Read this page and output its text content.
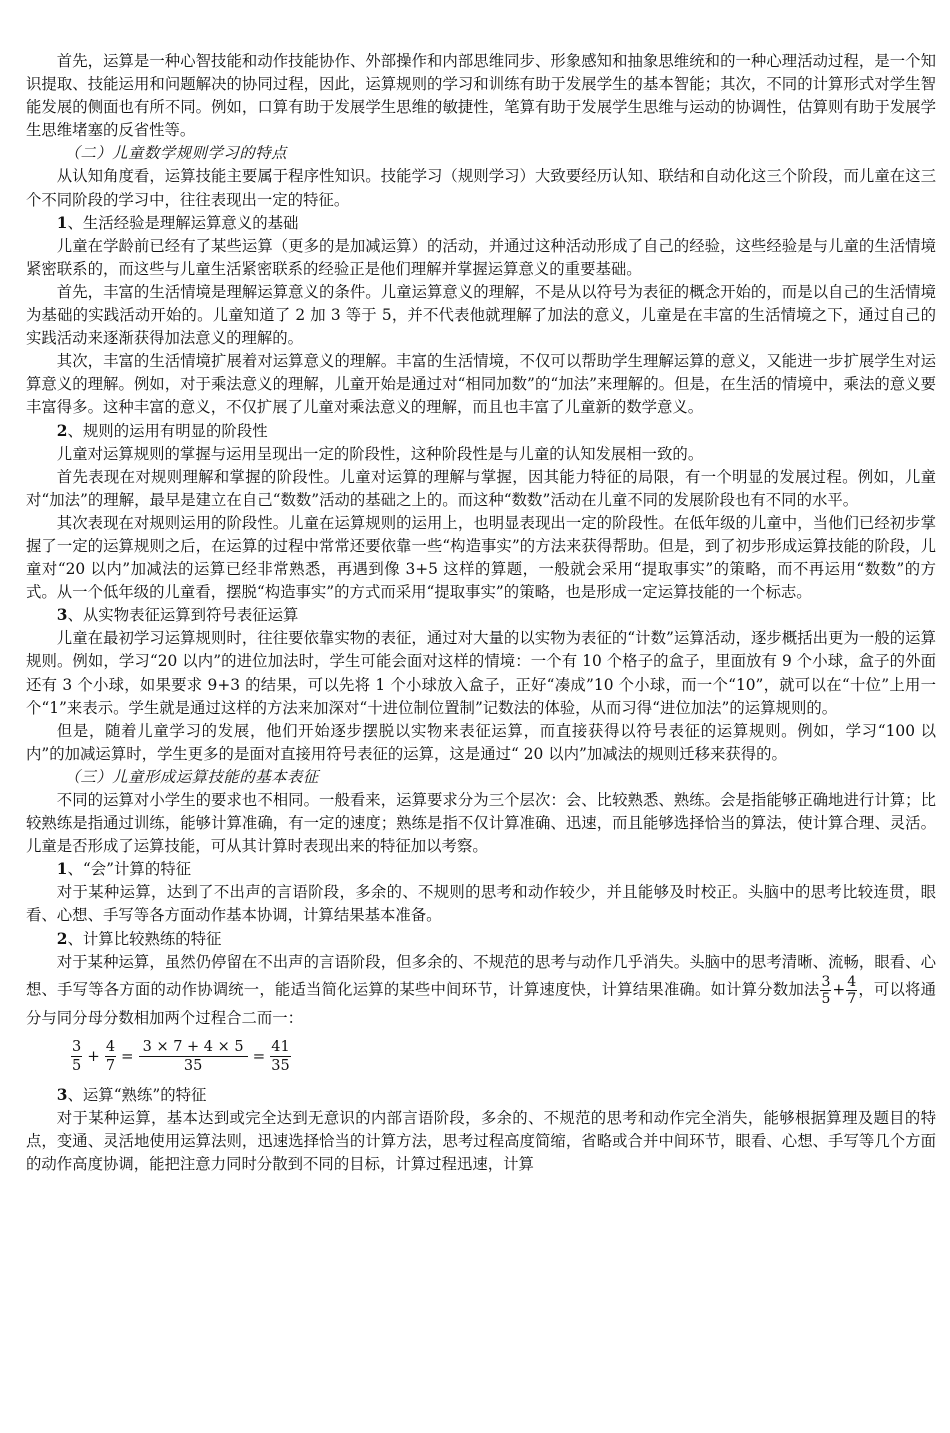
首先，运算是一种心智技能和动作技能协作、外部操作和内部思维同步、形象感知和抽象思维统和的一种心理活动过程，是一个知识提取、技能运用和问题解决的协同过程，因此，运算规则的学习和训练有助于发展学生的基本智能；其次，不同的计算形式对学生智能发展的侧面也有所不同。例如，口算有助于发展学生思维的敏捷性，笔算有助于发展学生思维与运动的协调性，估算则有助于发展学生思维堵塞的反省性等。

（二）儿童数学规则学习的特点

从认知角度看，运算技能主要属于程序性知识。技能学习（规则学习）大致要经历认知、联结和自动化这三个阶段，而儿童在这三个不同阶段的学习中，往往表现出一定的特征。

1、生活经验是理解运算意义的基础

儿童在学龄前已经有了某些运算（更多的是加减运算）的活动，并通过这种活动形成了自己的经验，这些经验是与儿童的生活情境紧密联系的，而这些与儿童生活紧密联系的经验正是他们理解并掌握运算意义的重要基础。

首先，丰富的生活情境是理解运算意义的条件。儿童运算意义的理解，不是从以符号为表征的概念开始的，而是以自己的生活情境为基础的实践活动开始的。儿童知道了 2 加 3 等于 5，并不代表他就理解了加法的意义，儿童是在丰富的生活情境之下，通过自己的实践活动来逐渐获得加法意义的理解的。

其次，丰富的生活情境扩展着对运算意义的理解。丰富的生活情境，不仅可以帮助学生理解运算的意义，又能进一步扩展学生对运算意义的理解。例如，对于乘法意义的理解，儿童开始是通过对“相同加数”的“加法”来理解的。但是，在生活的情境中，乘法的意义要丰富得多。这种丰富的意义，不仅扩展了儿童对乘法意义的理解，而且也丰富了儿童新的数学意义。

2、规则的运用有明显的阶段性

儿童对运算规则的掌握与运用呈现出一定的阶段性，这种阶段性是与儿童的认知发展相一致的。

首先表现在对规则理解和掌握的阶段性。儿童对运算的理解与掌握，因其能力特征的局限，有一个明显的发展过程。例如，儿童对“加法”的理解，最早是建立在自己“数数”活动的基础之上的。而这种“数数”活动在儿童不同的发展阶段也有不同的水平。

其次表现在对规则运用的阶段性。儿童在运算规则的运用上，也明显表现出一定的阶段性。在低年级的儿童中，当他们已经初步掌握了一定的运算规则之后，在运算的过程中常常还要依靠一些“构造事实”的方法来获得帮助。但是，到了初步形成运算技能的阶段，儿童对“20 以内”加减法的运算已经非常熟悉，再遇到像 3+5 这样的算题，一般就会采用“提取事实”的策略，而不再运用“数数”的方式。从一个低年级的儿童看，摆脱“构造事实”的方式而采用“提取事实”的策略，也是形成一定运算技能的一个标志。

3、从实物表征运算到符号表征运算

儿童在最初学习运算规则时，往往要依靠实物的表征，通过对大量的以实物为表征的“计数”运算活动，逐步概括出更为一般的运算规则。例如，学习“20 以内”的进位加法时，学生可能会面对这样的情境：一个有 10 个格子的盒子，里面放有 9 个小球，盒子的外面还有 3 个小球，如果要求 9+3 的结果，可以先将 1 个小球放入盒子，正好“凑成”10 个小球，而一个“10”，就可以在“十位”上用一个“1”来表示。学生就是通过这样的方法来加深对“十进位制位置制”记数法的体验，从而习得“进位加法”的运算规则的。

但是，随着儿童学习的发展，他们开始逐步摆脱以实物来表征运算，而直接获得以符号表征的运算规则。例如，学习“100 以内”的加减运算时，学生更多的是面对直接用符号表征的运算，这是通过“ 20 以内”加减法的规则迁移来获得的。

（三）儿童形成运算技能的基本表征

不同的运算对小学生的要求也不相同。一般看来，运算要求分为三个层次：会、比较熟悉、熟练。会是指能够正确地进行计算；比较熟练是指通过训练，能够计算准确，有一定的速度；熟练是指不仅计算准确、迅速，而且能够选择恰当的算法，使计算合理、灵活。儿童是否形成了运算技能，可从其计算时表现出来的特征加以考察。

1、“会”计算的特征

对于某种运算，达到了不出声的言语阶段，多余的、不规则的思考和动作较少，并且能够及时校正。头脑中的思考比较连贯，眼看、心想、手写等各方面动作基本协调，计算结果基本准备。

2、计算比较熟练的特征

对于某种运算，虽然仍停留在不出声的言语阶段，但多余的、不规范的思考与动作几乎消失。头脑中的思考清晰、流畅，眼看、心想、手写等各方面的动作协调统一，能适当简化运算的某些中间环节，计算速度快，计算结果准确。如计算分数加法 $\frac{3}{5} + \frac{4}{7}$ ，可以将通分与同分母分数相加两个过程合二而一：

$\frac{3}{5} + \frac{4}{7} = \frac{3 \times 7 + 4 \times 5}{35} = \frac{41}{35}$

3、运算“熟练”的特征

对于某种运算，基本达到或完全达到无意识的内部言语阶段，多余的、不规范的思考和动作完全消失，能够根据算理及题目的特点，变通、灵活地使用运算法则，迅速选择恰当的计算方法，思考过程高度简缩，省略或合并中间环节，眼看、心想、手写等几个方面的动作高度协调，能把注意力同时分散到不同的目标，计算过程迅速，计算
